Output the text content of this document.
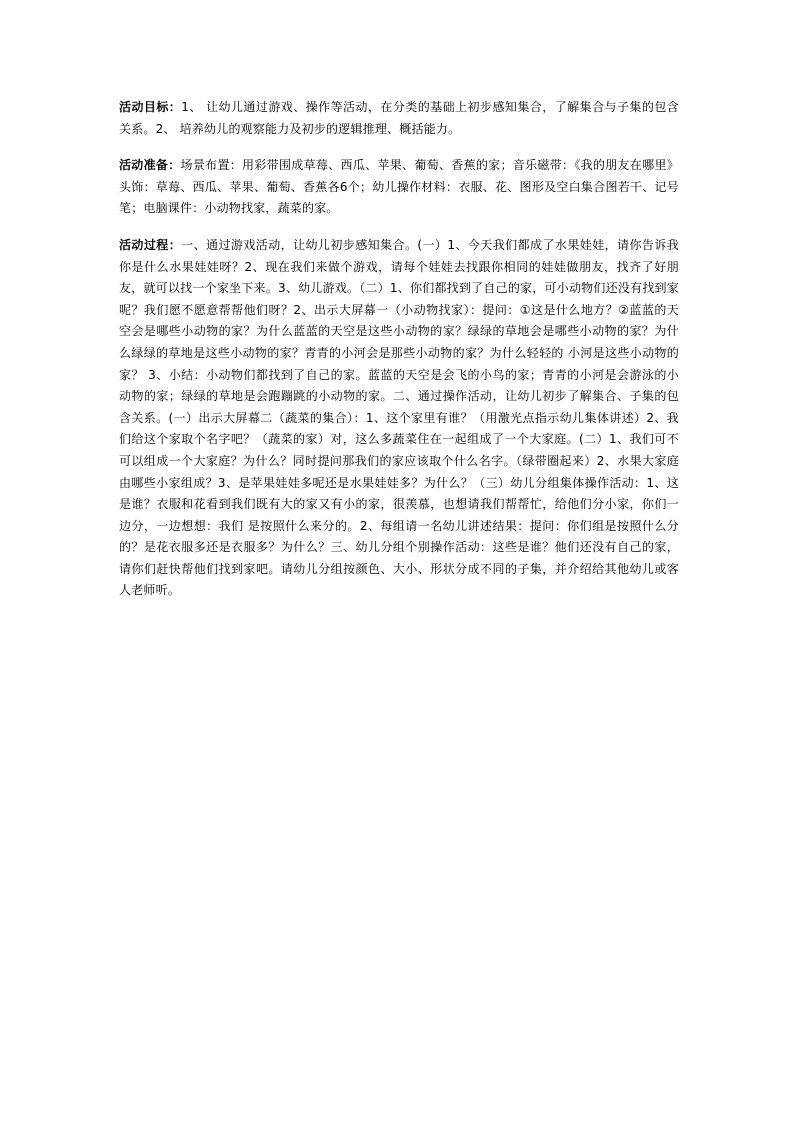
活动目标：1、 让幼儿通过游戏、操作等活动，在分类的基础上初步感知集合，了解集合与子集的包含关系。2、 培养幼儿的观察能力及初步的逻辑推理、概括能力。

活动准备：场景布置：用彩带围成草莓、西瓜、苹果、葡萄、香蕉的家；音乐磁带：《我的朋友在哪里》头饰：草莓、西瓜、苹果、葡萄、香蕉各6个；幼儿操作材料：衣服、花、图形及空白集合图若干、记号笔；电脑课件：小动物找家，蔬菜的家。

活动过程：一、通过游戏活动，让幼儿初步感知集合。(一）1、今天我们都成了水果娃娃，请你告诉我你是什么水果娃娃呀？2、现在我们来做个游戏，请每个娃娃去找跟你相同的娃娃做朋友，找齐了好朋友，就可以找一个家坐下来。3、幼儿游戏。（二）1、你们都找到了自己的家，可小动物们还没有找到家呢？我们愿不愿意帮帮他们呀？2、出示大屏幕一（小动物找家）：提问：①这是什么地方？②蓝蓝的天空会是哪些小动物的家？为什么蓝蓝的天空是这些小动物的家？绿绿的草地会是哪些小动物的家？为什么绿绿的草地是这些小动物的家？青青的小河会是那些小动物的家？为什么轻轻的 小河是这些小动物的家？ 3、小结：小动物们都找到了自己的家。蓝蓝的天空是会飞的小鸟的家；青青的小河是会游泳的小动物的家；绿绿的草地是会跑蹦跳的小动物的家。二、通过操作活动，让幼儿初步了解集合、子集的包含关系。(一）出示大屏幕二（蔬菜的集合）：1、这个家里有谁？（用激光点指示幼儿集体讲述）2、我们给这个家取个名字吧？（蔬菜的家）对，这么多蔬菜住在一起组成了一个大家庭。(二）1、我们可不可以组成一个大家庭？为什么？同时提问那我们的家应该取个什么名字。（绿带圈起来）2、水果大家庭由哪些小家组成？3、是苹果娃娃多呢还是水果娃娃多？为什么？（三）幼儿分组集体操作活动：1、这是谁？衣服和花看到我们既有大的家又有小的家，很羡慕，也想请我们帮帮忙，给他们分小家，你们一边分，一边想想：我们 是按照什么来分的。2、每组请一名幼儿讲述结果：提问：你们组是按照什么分的？是花衣服多还是衣服多？为什么？三、幼儿分组个别操作活动：这些是谁？他们还没有自己的家，请你们赶快帮他们找到家吧。请幼儿分组按颜色、大小、形状分成不同的子集，并介绍给其他幼儿或客人老师听。
